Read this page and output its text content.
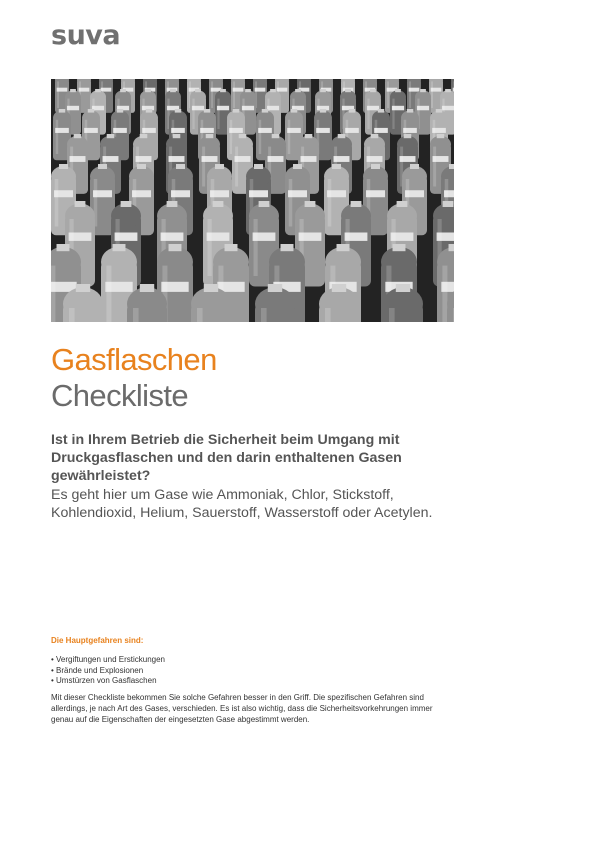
suva
Gasflaschen
Checkliste
Ist in Ihrem Betrieb die Sicherheit beim Umgang mit Druckgasflaschen und den darin enthaltenen Gasen gewährleistet?
Es geht hier um Gase wie Ammoniak, Chlor, Stickstoff, Kohlendioxid, Helium, Sauerstoff, Wasserstoff oder Acetylen.
Die Hauptgefahren sind:
• Vergiftungen und Erstickungen
• Brände und Explosionen
• Umstürzen von Gasflaschen
Mit dieser Checkliste bekommen Sie solche Gefahren besser in den Griff. Die spezifischen Gefahren sind allerdings, je nach Art des Gases, verschieden. Es ist also wichtig, dass die Sicherheitsvorkehrungen immer genau auf die Eigenschaften der eingesetzten Gase abgestimmt werden.
